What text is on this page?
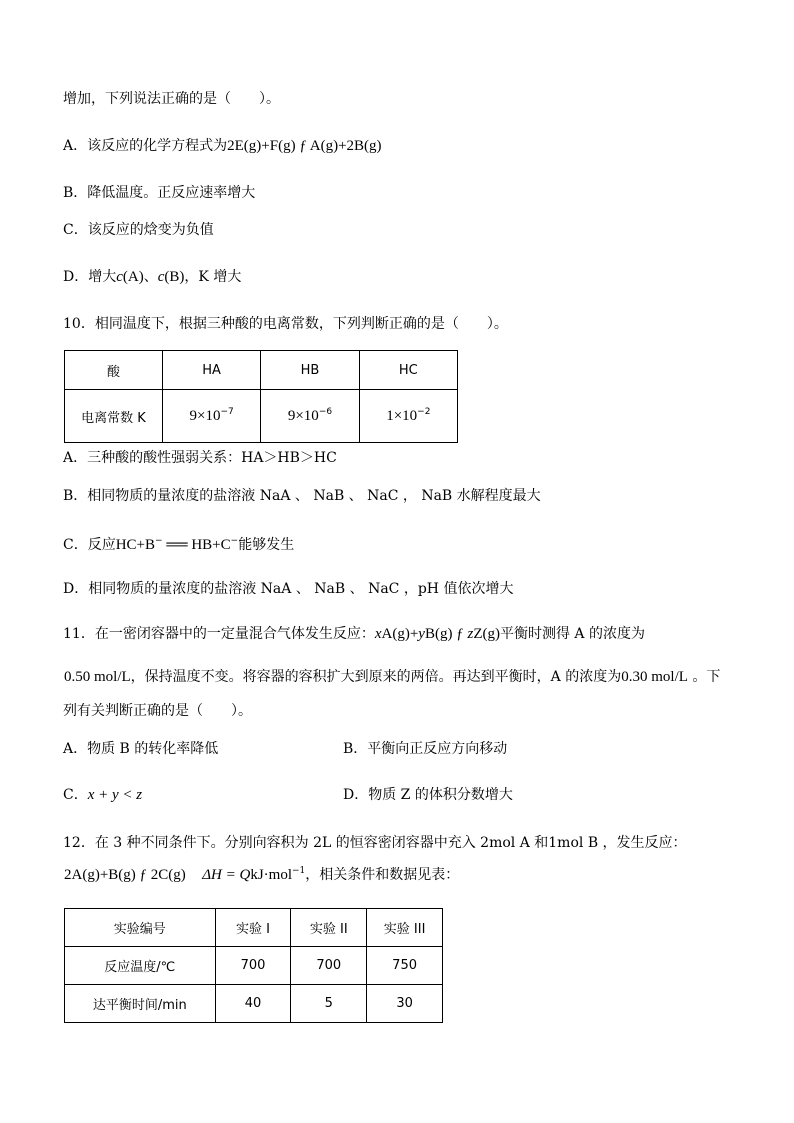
增加，下列说法正确的是（　　）。
A．该反应的化学方程式为2E(g)+F(g) ƒ A(g)+2B(g)
B．降低温度。正反应速率增大
C．该反应的焓变为负值
D．增大c(A)、c(B)，K 增大
10．相同温度下，根据三种酸的电离常数，下列判断正确的是（　　）。
酸	HA	HB	HC
电离常数 K	$9\times 10^{-7}$	$9\times 10^{-6}$	$1\times 10^{-2}$
A．三种酸的酸性强弱关系：HA＞HB＞HC
B．相同物质的量浓度的盐溶液 NaA 、 NaB 、 NaC ， NaB 水解程度最大
C．反应HC+B− ══ HB+C−能够发生
D．相同物质的量浓度的盐溶液 NaA 、 NaB 、 NaC ，pH 值依次增大
11．在一密闭容器中的一定量混合气体发生反应：xA(g)+yB(g) ƒ zZ(g)平衡时测得 A 的浓度为
0.50 mol/L，保持温度不变。将容器的容积扩大到原来的两倍。再达到平衡时，A 的浓度为0.30 mol/L 。下
列有关判断正确的是（　　）。
A．物质 B 的转化率降低	B．平衡向正反应方向移动
C．x + y < z	D．物质 Z 的体积分数增大
12．在 3 种不同条件下。分别向容积为 2L 的恒容密闭容器中充入 2mol A 和1mol B ，发生反应：
2A(g)+B(g) ƒ 2C(g) ΔH = QkJ·mol$^{-1}$，相关条件和数据见表：
实验编号	实验 I	实验 II	实验 III
反应温度/℃	700	700	750
达平衡时间/min	40	5	30
